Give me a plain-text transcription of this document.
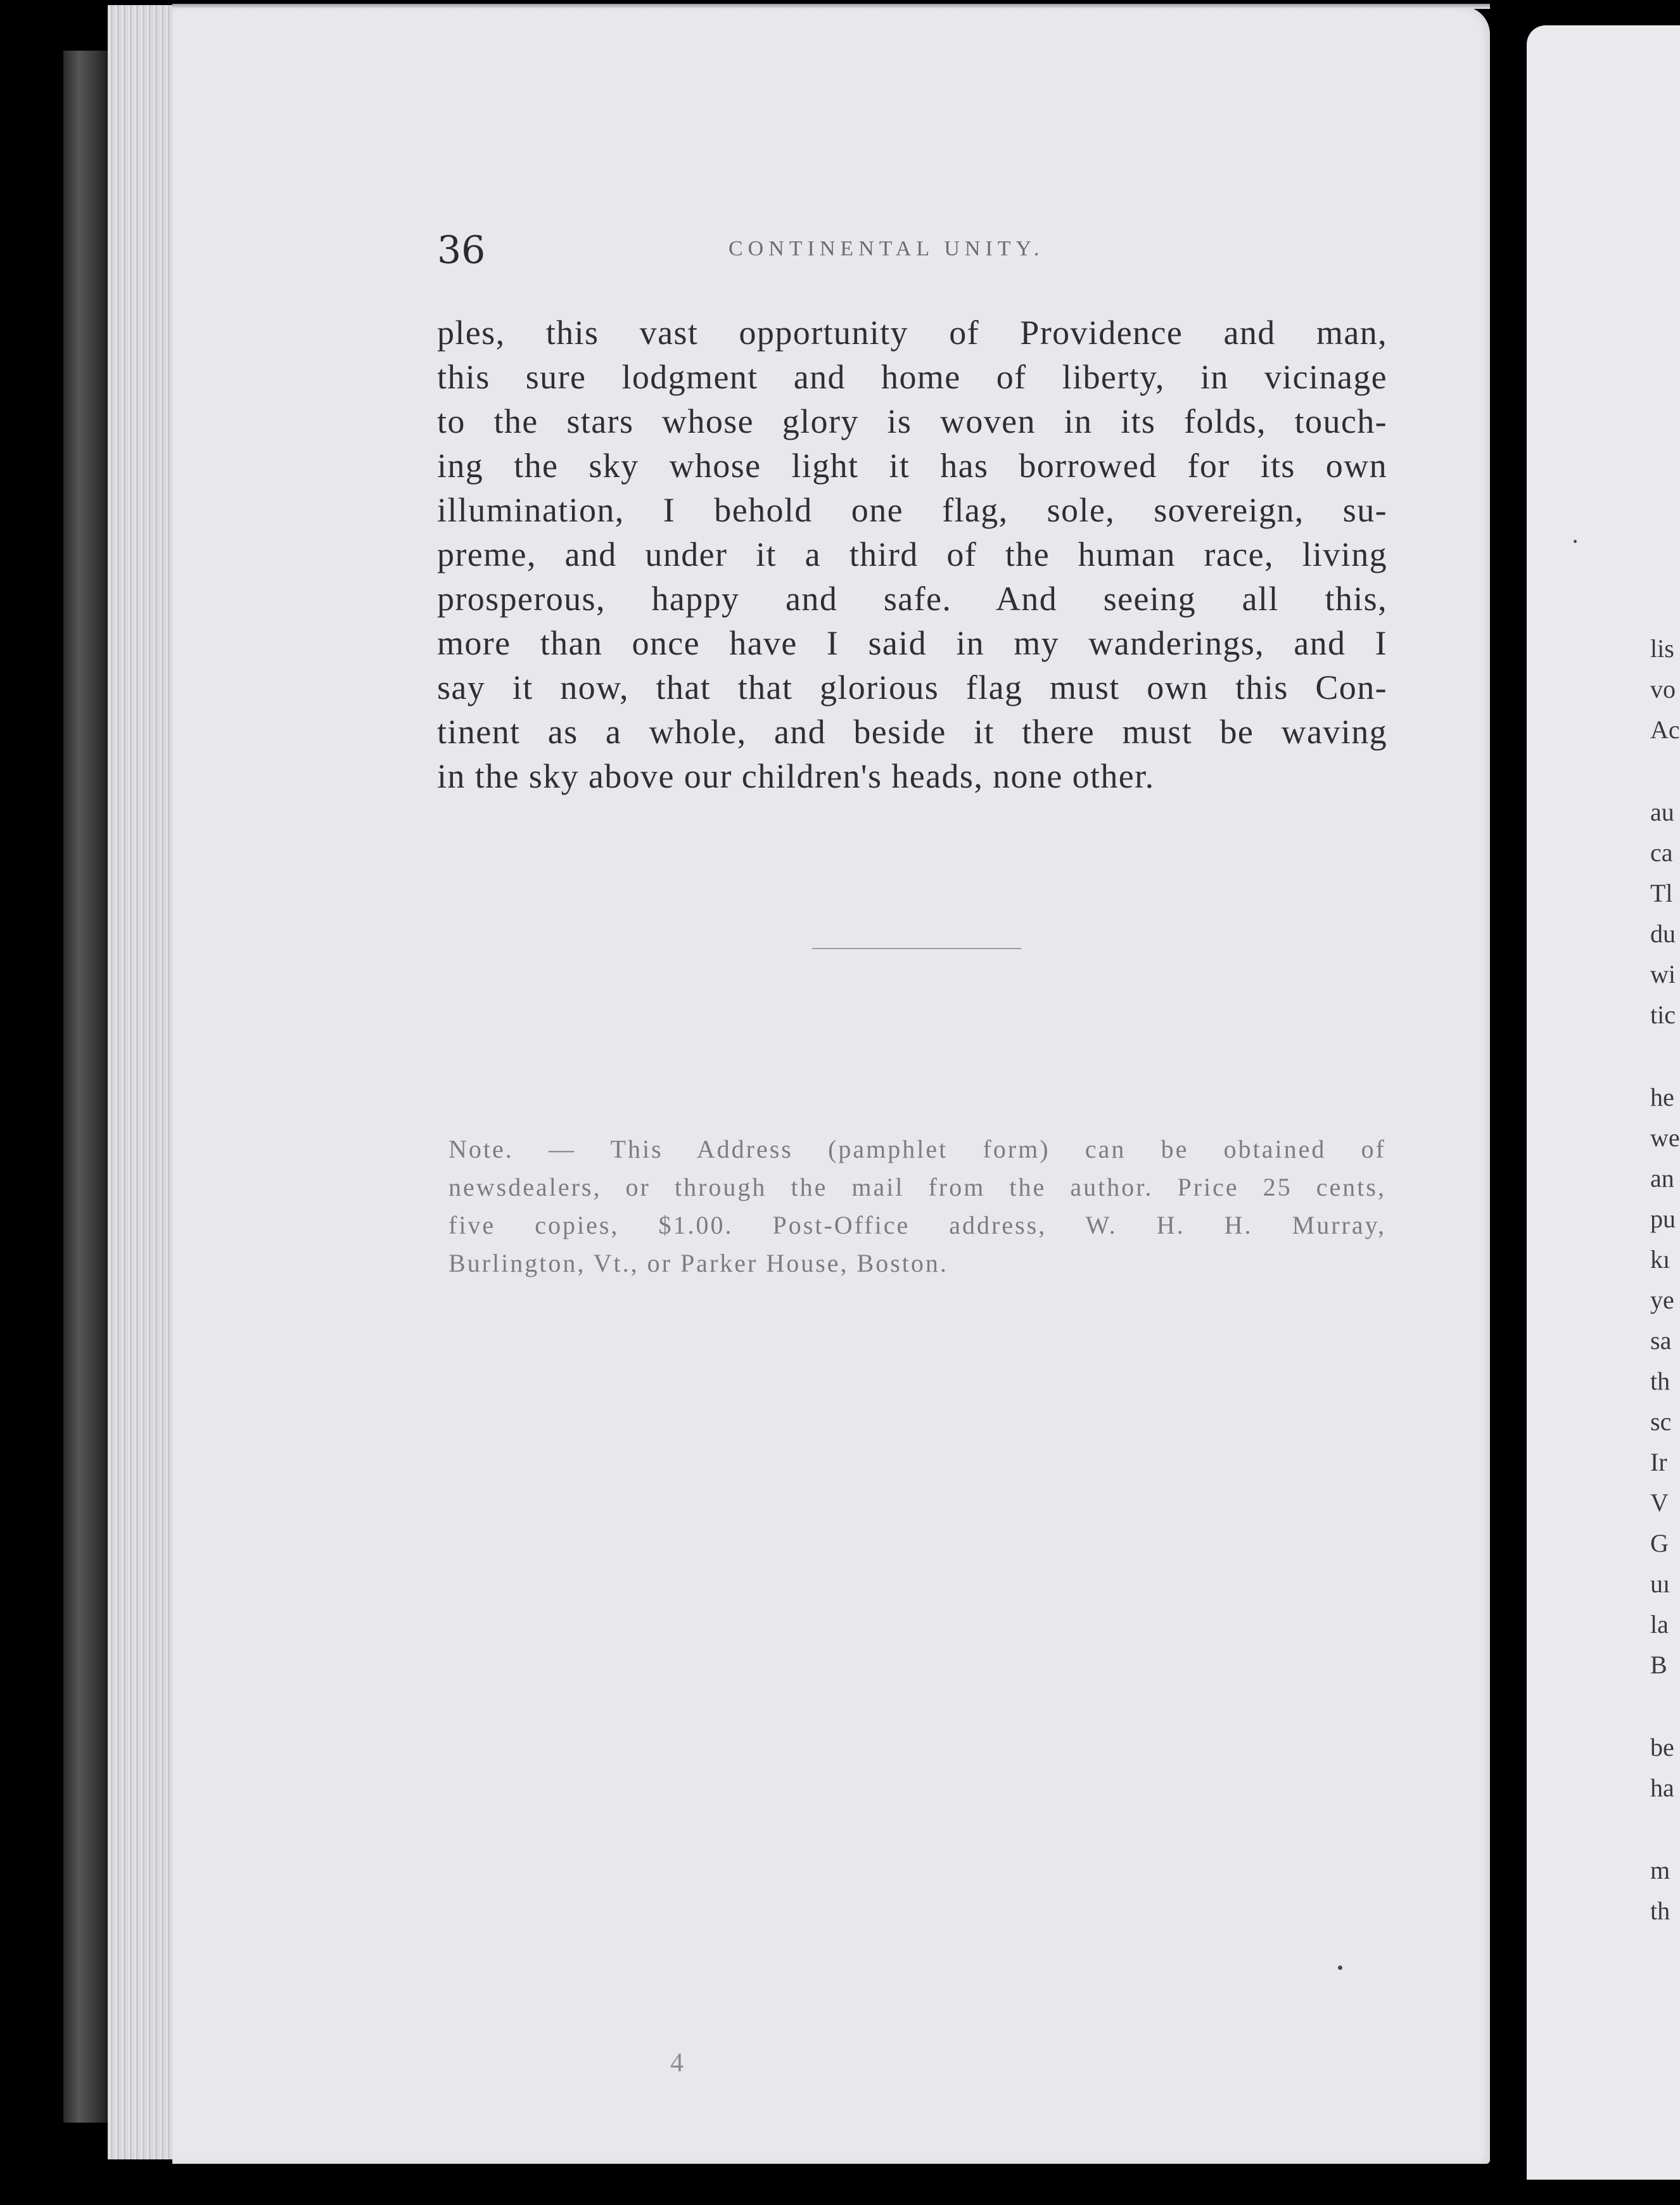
36	CONTINENTAL UNITY.
ples, this vast opportunity of Providence and man,
this sure lodgment and home of liberty, in vicinage
to the stars whose glory is woven in its folds, touch-
ing the sky whose light it has borrowed for its own
illumination, I behold one flag, sole, sovereign, su-
preme, and under it a third of the human race, living
prosperous, happy and safe. And seeing all this,
more than once have I said in my wanderings, and I
say it now, that that glorious flag must own this Con-
tinent as a whole, and beside it there must be waving
in the sky above our children's heads, none other.
Note. — This Address (pamphlet form) can be obtained of
newsdealers, or through the mail from the author. Price 25 cents,
five copies, $1.00. Post-Office address, W. H. H. Murray,
Burlington, Vt., or Parker House, Boston.
4
lis
vo
Ac
au
ca
Tl
du
wi
tic
he
we
an
pu
kı
ye
sa
th
sc
Ir
V
G
uı
la
B
be
ha
m
th
